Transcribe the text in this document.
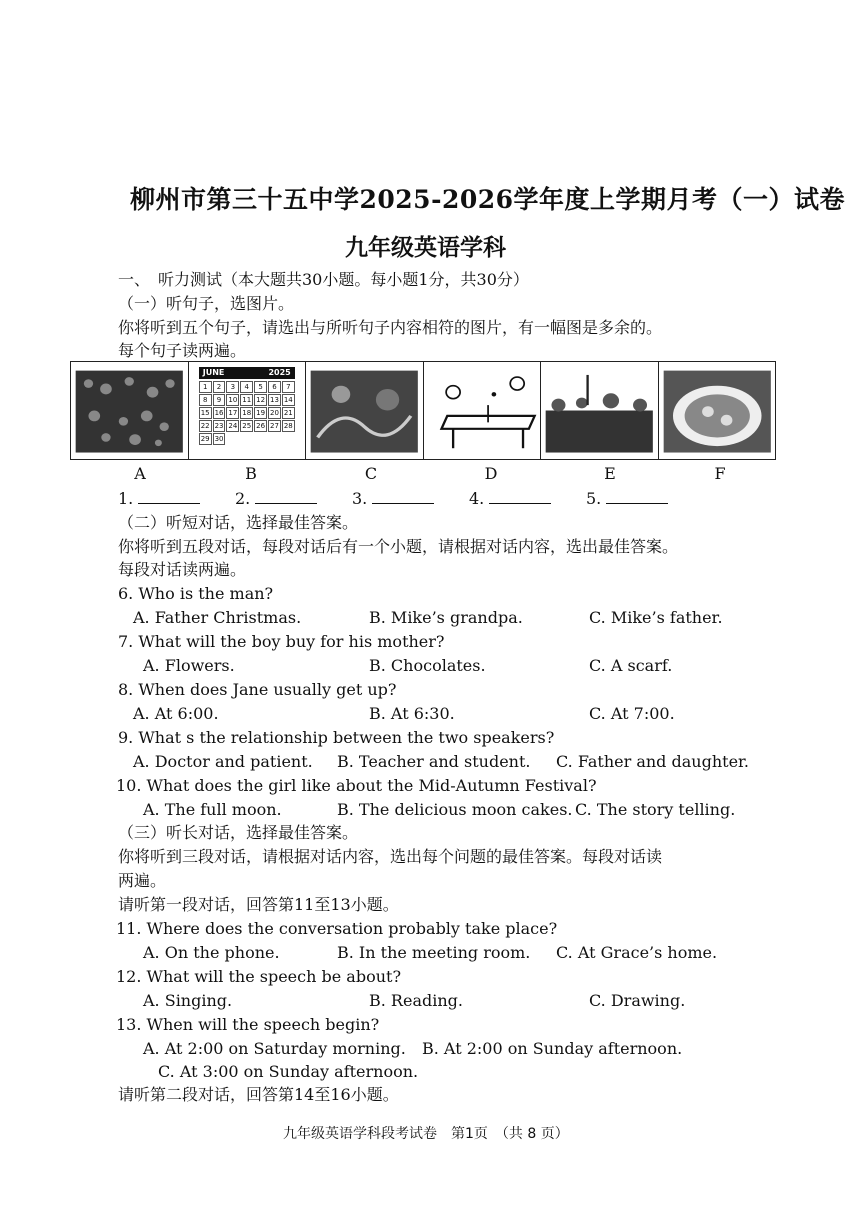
柳州市第三十五中学2025-2026学年度上学期月考（一）试卷
九年级英语学科
一、　听力测试（本大题共30小题。每小题1分，共30分）
（一）听句子，选图片。
你将听到五个句子，请选出与所听句子内容相符的图片，有一幅图是多余的。
每个句子读两遍。
JUNE	2025
1	2	3	4	5	6	7
8	9	10 11 12 13 14
15 16 17 18 19 20 21
22 23 24 25 26 27 28
29 30
A	B	C	D	E	F
1.	2.	3.	4.	5.
（二）听短对话，选择最佳答案。
你将听到五段对话，每段对话后有一个小题，请根据对话内容，选出最佳答案。
每段对话读两遍。
6. Who is the man?
A. Father Christmas.	B. Mike’s grandpa.	C. Mike’s father.
7. What will the boy buy for his mother?
A. Flowers.	B. Chocolates.	C. A scarf.
8. When does Jane usually get up?
A. At 6:00.	B. At 6:30.	C. At 7:00.
9. What s the relationship between the two speakers?
A. Doctor and patient. B. Teacher and student. C. Father and daughter.
10. What does the girl like about the Mid-Autumn Festival?
A. The full moon.	B. The delicious moon cakes. C. The story telling.
（三）听长对话，选择最佳答案。
你将听到三段对话，请根据对话内容，选出每个问题的最佳答案。每段对话读
两遍。
请听第一段对话，回答第11至13小题。
11. Where does the conversation probably take place?
A. On the phone.	B. In the meeting room. C. At Grace’s home.
12. What will the speech be about?
A. Singing.	B. Reading.	C. Drawing.
13. When will the speech begin?
A. At 2:00 on Saturday morning. B. At 2:00 on Sunday afternoon.
C. At 3:00 on Sunday afternoon.
请听第二段对话，回答第14至16小题。
九年级英语学科段考试卷　第1页　（共 8 页）
